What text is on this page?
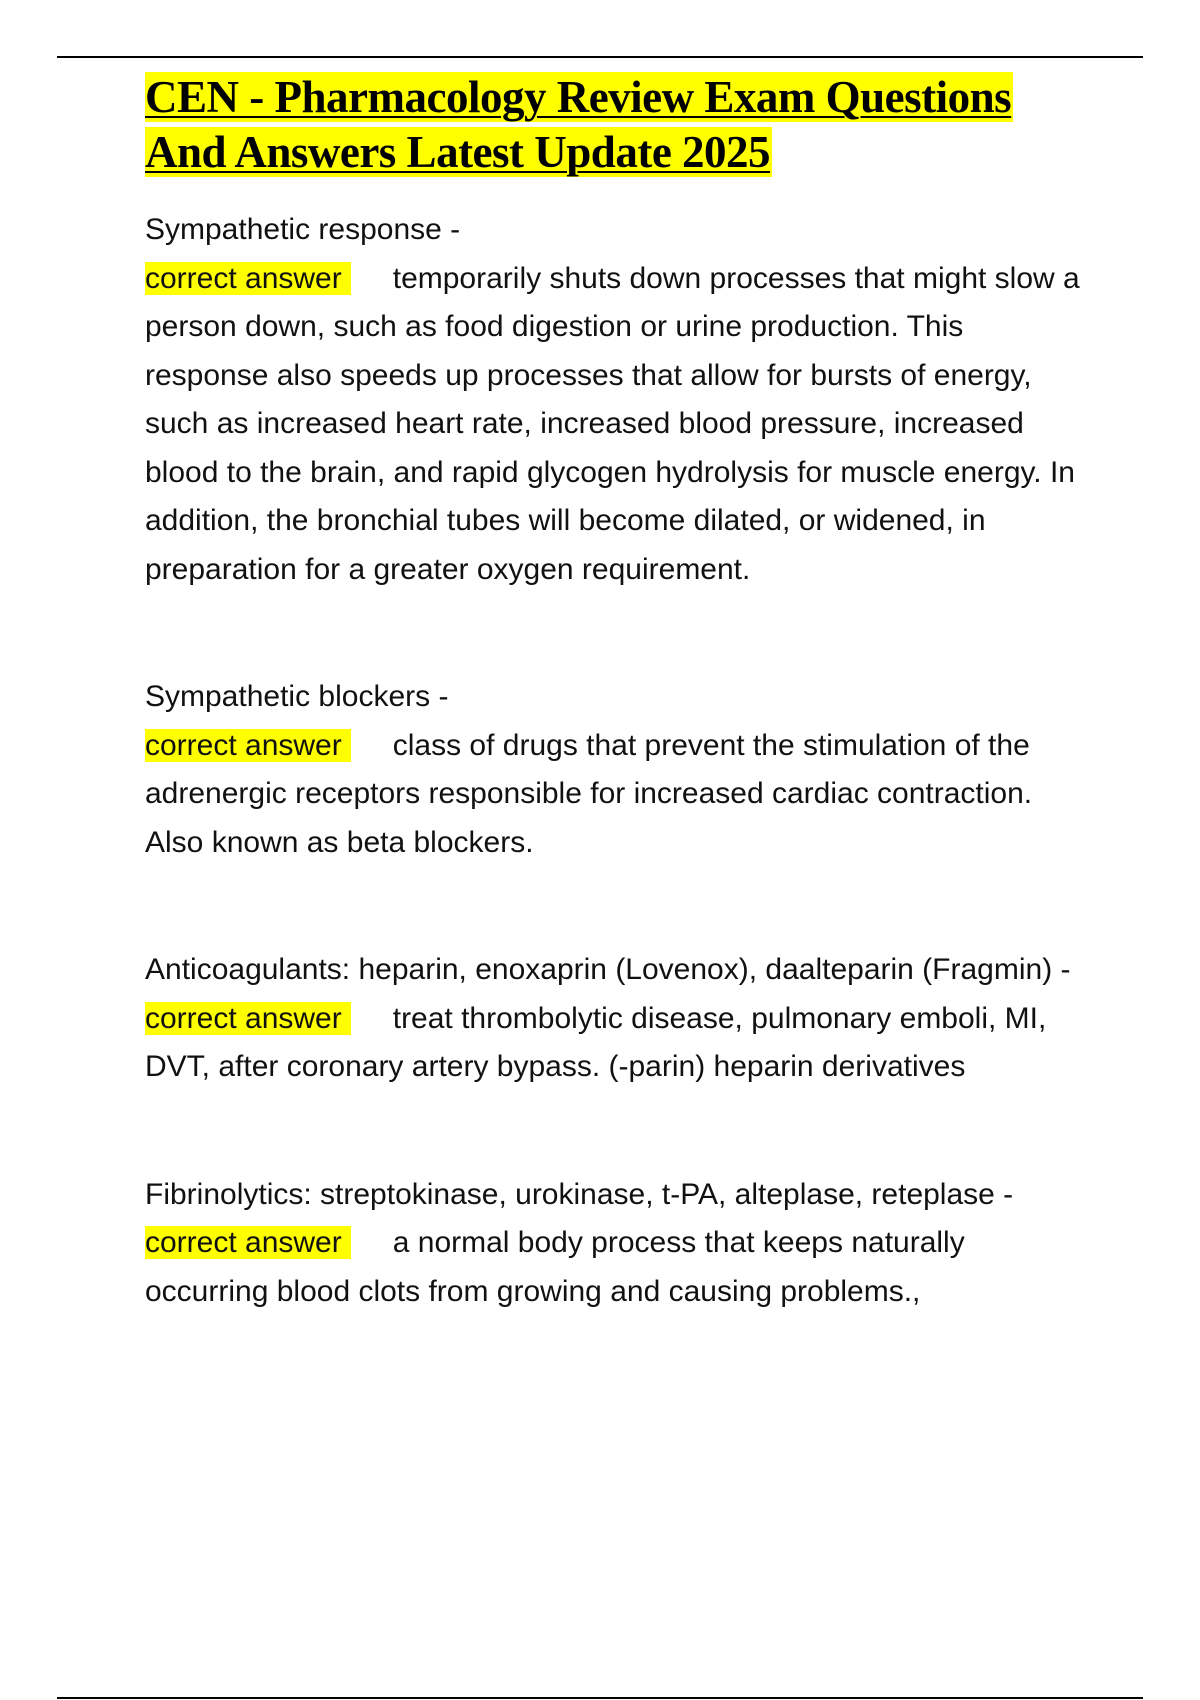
CEN - Pharmacology Review Exam Questions And Answers Latest Update 2025
Sympathetic response -
correct answer temporarily shuts down processes that might slow a person down, such as food digestion or urine production. This response also speeds up processes that allow for bursts of energy, such as increased heart rate, increased blood pressure, increased blood to the brain, and rapid glycogen hydrolysis for muscle energy. In addition, the bronchial tubes will become dilated, or widened, in preparation for a greater oxygen requirement.
Sympathetic blockers -
correct answer class of drugs that prevent the stimulation of the adrenergic receptors responsible for increased cardiac contraction. Also known as beta blockers.
Anticoagulants: heparin, enoxaprin (Lovenox), daalteparin (Fragmin) -
correct answer treat thrombolytic disease, pulmonary emboli, MI, DVT, after coronary artery bypass. (-parin) heparin derivatives
Fibrinolytics: streptokinase, urokinase, t-PA, alteplase, reteplase -
correct answer a normal body process that keeps naturally occurring blood clots from growing and causing problems.,
